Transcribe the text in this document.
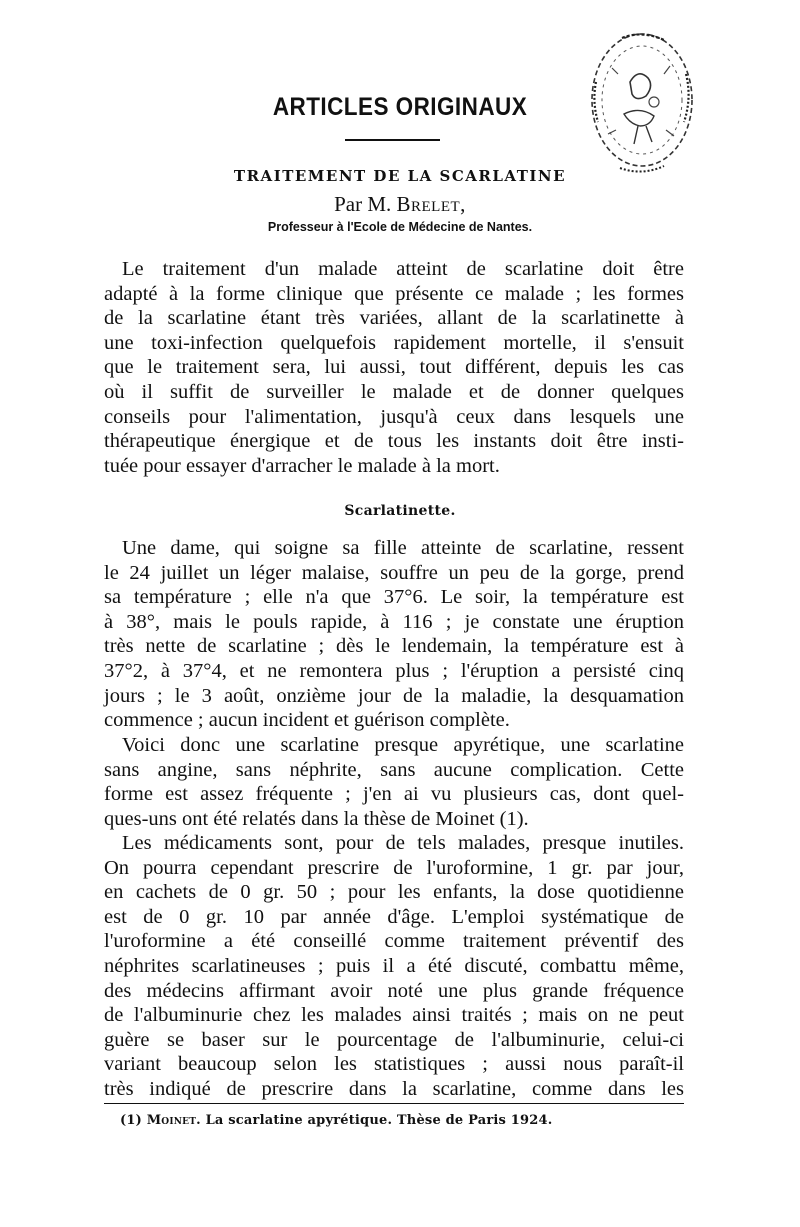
ARTICLES ORIGINAUX
TRAITEMENT DE LA SCARLATINE
Par M. Brelet,
Professeur à l'Ecole de Médecine de Nantes.
Le traitement d'un malade atteint de scarlatine doit être
adapté à la forme clinique que présente ce malade ; les formes
de la scarlatine étant très variées, allant de la scarlatinette à
une toxi-infection quelquefois rapidement mortelle, il s'ensuit
que le traitement sera, lui aussi, tout différent, depuis les cas
où il suffit de surveiller le malade et de donner quelques
conseils pour l'alimentation, jusqu'à ceux dans lesquels une
thérapeutique énergique et de tous les instants doit être insti-
tuée pour essayer d'arracher le malade à la mort.
Scarlatinette.
Une dame, qui soigne sa fille atteinte de scarlatine, ressent
le 24 juillet un léger malaise, souffre un peu de la gorge, prend
sa température ; elle n'a que 37°6. Le soir, la température est
à 38°, mais le pouls rapide, à 116 ; je constate une éruption
très nette de scarlatine ; dès le lendemain, la température est à
37°2, à 37°4, et ne remontera plus ; l'éruption a persisté cinq
jours ; le 3 août, onzième jour de la maladie, la desquamation
commence ; aucun incident et guérison complète.
Voici donc une scarlatine presque apyrétique, une scarlatine
sans angine, sans néphrite, sans aucune complication. Cette
forme est assez fréquente ; j'en ai vu plusieurs cas, dont quel-
ques-uns ont été relatés dans la thèse de Moinet (1).
Les médicaments sont, pour de tels malades, presque inutiles.
On pourra cependant prescrire de l'uroformine, 1 gr. par jour,
en cachets de 0 gr. 50 ; pour les enfants, la dose quotidienne
est de 0 gr. 10 par année d'âge. L'emploi systématique de
l'uroformine a été conseillé comme traitement préventif des
néphrites scarlatineuses ; puis il a été discuté, combattu même,
des médecins affirmant avoir noté une plus grande fréquence
de l'albuminurie chez les malades ainsi traités ; mais on ne peut
guère se baser sur le pourcentage de l'albuminurie, celui-ci
variant beaucoup selon les statistiques ; aussi nous paraît-il
très indiqué de prescrire dans la scarlatine, comme dans les
(1) Moinet. La scarlatine apyrétique. Thèse de Paris 1924.
